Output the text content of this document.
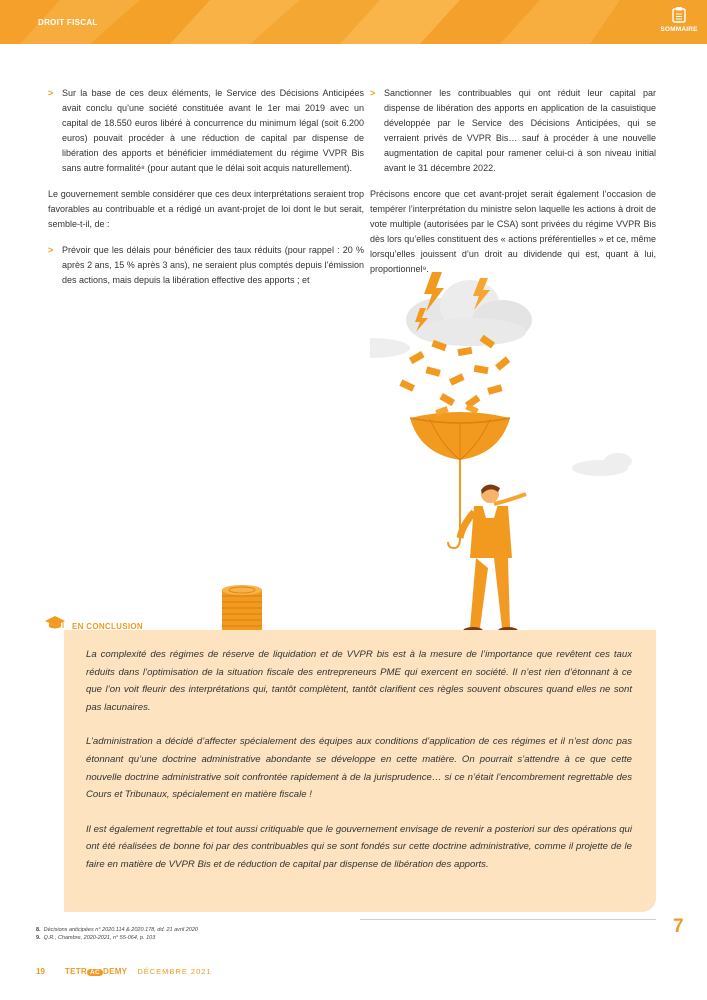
DROIT FISCAL
SOMMAIRE
> Sur la base de ces deux éléments, le Service des Décisions Anticipées avait conclu qu’une société constituée avant le 1er mai 2019 avec un capital de 18.550 euros libéré à concurrence du minimum légal (soit 6.200 euros) pouvait procéder à une réduction de capital par dispense de libération des apports et bénéficier immédiatement du régime VVPR Bis sans autre formalité⁸ (pour autant que le délai soit acquis naturellement).
Le gouvernement semble considérer que ces deux interprétations seraient trop favorables au contribuable et a rédigé un avant-projet de loi dont le but serait, semble-t-il, de :
> Prévoir que les délais pour bénéficier des taux réduits (pour rappel : 20 % après 2 ans, 15 % après 3 ans), ne seraient plus comptés depuis l’émission des actions, mais depuis la libération effective des apports ; et
> Sanctionner les contribuables qui ont réduit leur capital par dispense de libération des apports en application de la casuistique développée par le Service des Décisions Anticipées, qui se verraient privés de VVPR Bis… sauf à procéder à une nouvelle augmentation de capital pour ramener celui-ci à son niveau initial avant le 31 décembre 2022.
Précisons encore que cet avant-projet serait également l’occasion de tempérer l’interprétation du ministre selon laquelle les actions à droit de vote multiple (autorisées par le CSA) sont privées du régime VVPR Bis dès lors qu’elles constituent des « actions préférentielles » et ce, même lorsqu’elles jouissent d’un droit au dividende qui est, quant à lui, proportionnel⁹.
EN CONCLUSION

La complexité des régimes de réserve de liquidation et de VVPR bis est à la mesure de l’importance que revêtent ces taux réduits dans l’optimisation de la situation fiscale des entrepreneurs PME qui exercent en société. Il n’est rien d’étonnant à ce que l’on voit fleurir des interprétations qui, tantôt complètent, tantôt clarifient ces règles souvent obscures quand elles ne sont pas lacunaires.

L’administration a décidé d’affecter spécialement des équipes aux conditions d’application de ces régimes et il n’est donc pas étonnant qu’une doctrine administrative abondante se développe en cette matière. On pourrait s’attendre à ce que cette nouvelle doctrine administrative soit confrontée rapidement à de la jurisprudence… si ce n’était l’encombrement regrettable des Cours et Tribunaux, spécialement en matière fiscale !

Il est également regrettable et tout aussi critiquable que le gouvernement envisage de revenir a posteriori sur des opérations qui ont été réalisées de bonne foi par des contribuables qui se sont fondés sur cette doctrine administrative, comme il projette de le faire en matière de VVPR Bis et de réduction de capital par dispense de libération des apports.

7
8. Décisions anticipées n° 2020.114 & 2020.178, dd. 21 avril 2020
9. Q.R., Chambre, 2020-2021, n° 55-064, p. 103
19	TETR AC DEMY DÉCEMBRE 2021
